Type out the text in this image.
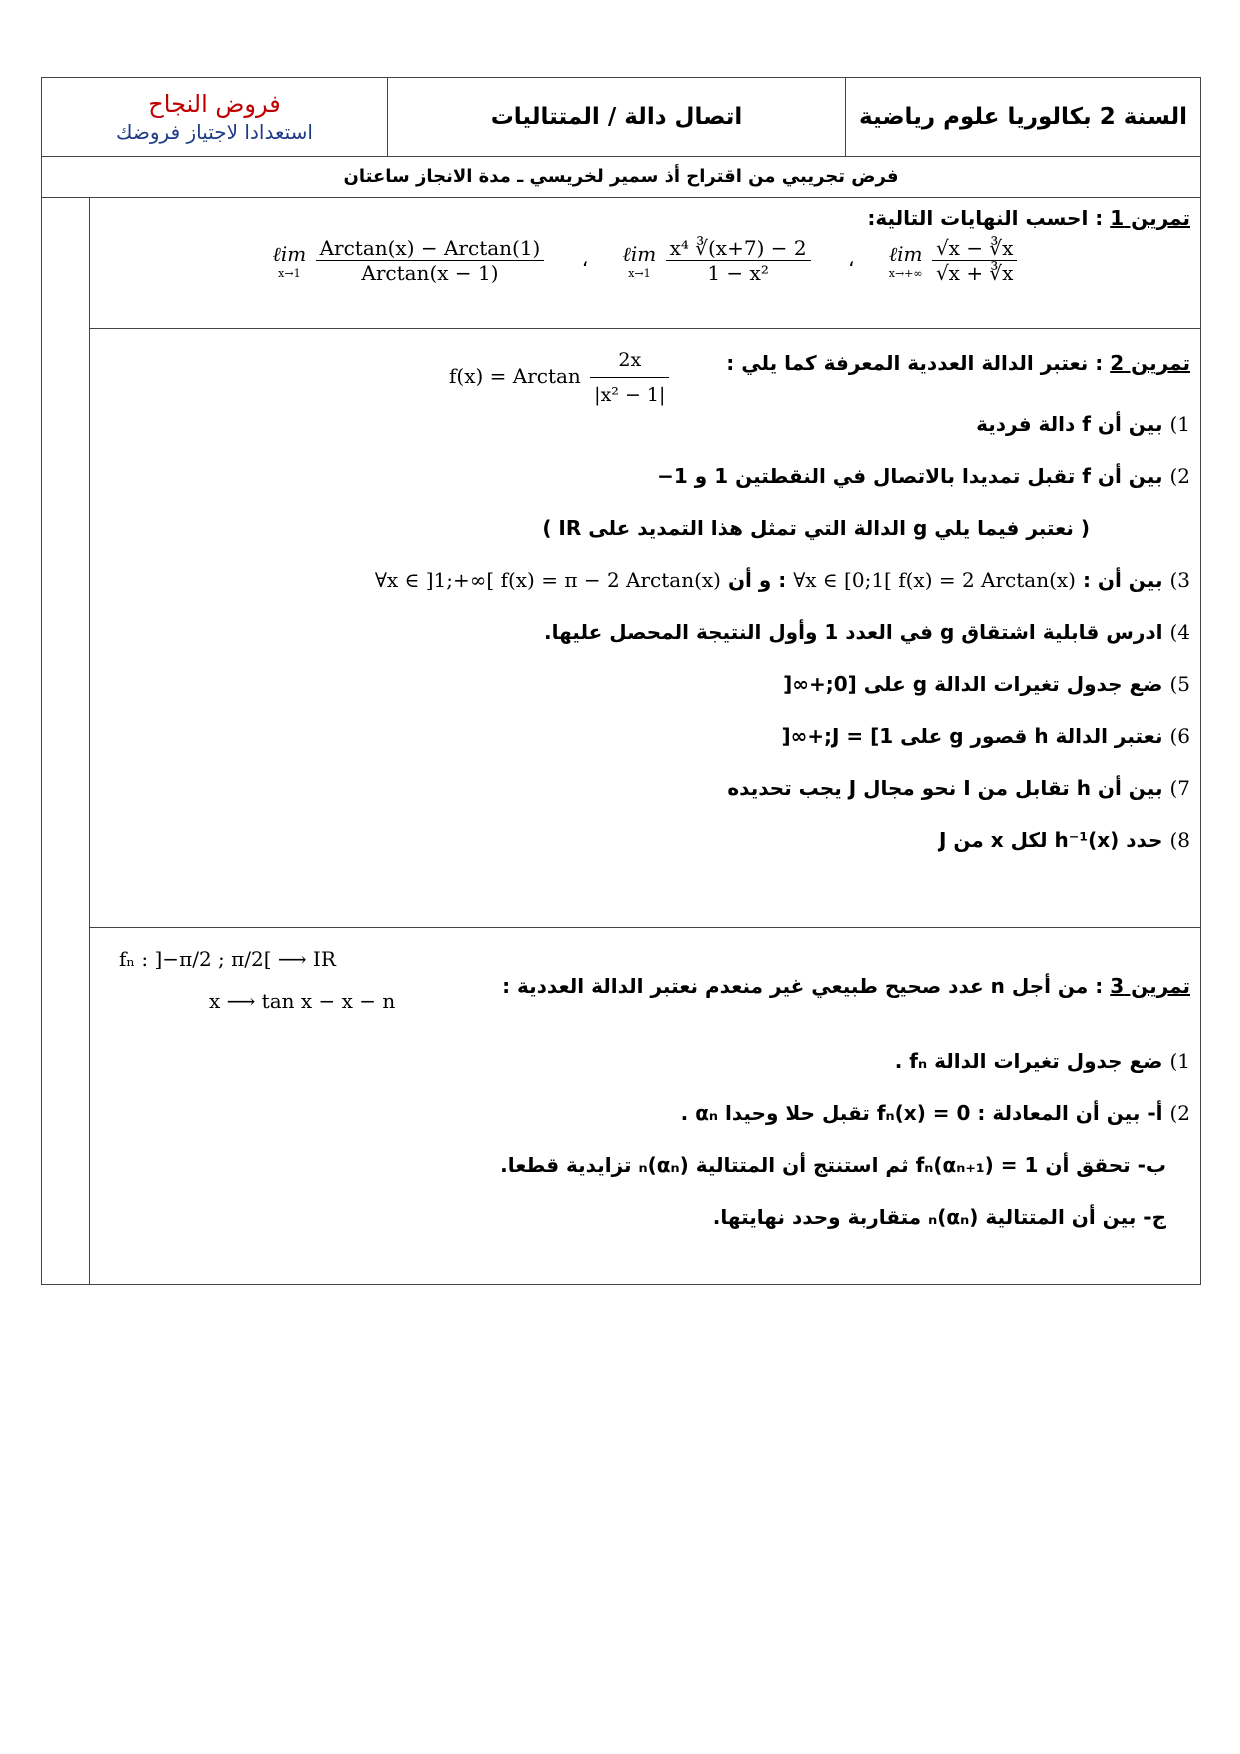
فروض النجاح
استعدادا لاجتياز فروضك
	اتصال دالة / المتتاليات	السنة 2 بكالوريا علوم رياضية
فرض تجريبي من اقتراح أذ سمير لخريسي ـ مدة الانجاز ساعتان
تمرين 1 : احسب النهايات التالية:
ℓim
x→1
$\frac{\text{Arctan(x) − Arctan(1)}}{\text{Arctan(x − 1)}}$ ، ℓim
x→1
$\frac{\text{x⁴ ∛(x+7) − 2}}{\text{1 − x²}}$ ، ℓim
x→+∞
$\frac{√x - ∛x}{√x + ∛x}$
تمرين 2 : نعتبر الدالة العددية المعرفة كما يلي :
f(x) = Arctan $\frac{2x}{\text{|x² − 1|}}$
1) بين أن f دالة فردية
2) بين أن f تقبل تمديدا بالاتصال في النقطتين 1 و 1−
( نعتبر فيما يلي g الدالة التي تمثل هذا التمديد على IR )
3) بين أن : ∀x ∈ [0;1[ f(x) = 2 Arctan(x) : و أن ∀x ∈ ]1;+∞[ f(x) = π − 2 Arctan(x)
4) ادرس قابلية اشتقاق g في العدد 1 وأول النتيجة المحصل عليها.
5) ضع جدول تغيرات الدالة g على [0;+∞[
6) نعتبر الدالة h قصور g على J = [1;+∞[
7) بين أن h تقابل من I نحو مجال J يجب تحديده
8) حدد h⁻¹(x) لكل x من J
fₙ : ]−π/2 ; π/2[ ⟶ IR
x ⟶ tan x − x − n
تمرين 3 : من أجل n عدد صحيح طبيعي غير منعدم نعتبر الدالة العددية :
1) ضع جدول تغيرات الدالة fₙ .
2) أ- بين أن المعادلة : fₙ(x) = 0 تقبل حلا وحيدا αₙ .
ب- تحقق أن fₙ(αₙ₊₁) = 1 ثم استنتج أن المتتالية (αₙ)ₙ تزايدية قطعا.
ج- بين أن المتتالية (αₙ)ₙ متقاربة وحدد نهايتها.
